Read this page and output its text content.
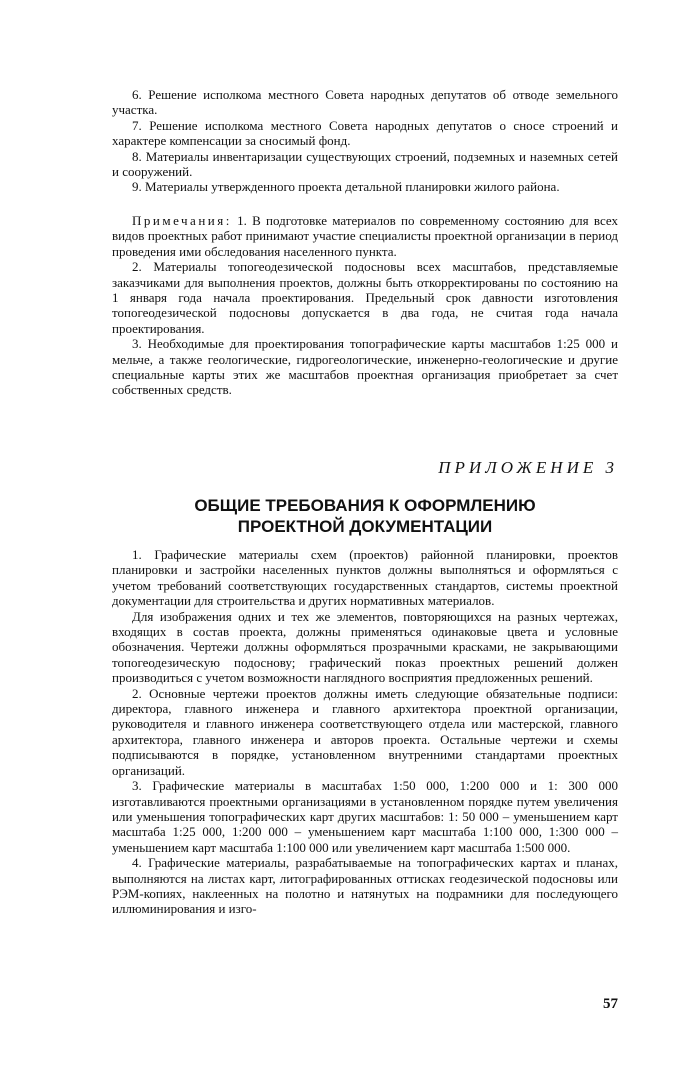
6. Решение исполкома местного Совета народных депутатов об отводе земельного участка.

7. Решение исполкома местного Совета народных депутатов о сносе строений и характере компенсации за сносимый фонд.

8. Материалы инвентаризации существующих строений, подземных и наземных сетей и сооружений.

9. Материалы утвержденного проекта детальной планировки жилого района.

Примечания: 1. В подготовке материалов по современному состоянию для всех видов проектных работ принимают участие специалисты проектной организации в период проведения ими обследования населенного пункта.

2. Материалы топогеодезической подосновы всех масштабов, представляемые заказчиками для выполнения проектов, должны быть откорректированы по состоянию на 1 января года начала проектирования. Предельный срок давности изготовления топогеодезической подосновы допускается в два года, не считая года начала проектирования.

3. Необходимые для проектирования топографические карты масштабов 1:25 000 и мельче, а также геологические, гидрогеологические, инженерно-геологические и другие специальные карты этих же масштабов проектная организация приобретает за счет собственных средств.

ПРИЛОЖЕНИЕ 3
ОБЩИЕ ТРЕБОВАНИЯ К ОФОРМЛЕНИЮ
ПРОЕКТНОЙ ДОКУМЕНТАЦИИ

1. Графические материалы схем (проектов) районной планировки, проектов планировки и застройки населенных пунктов должны выполняться и оформляться с учетом требований соответствующих государственных стандартов, системы проектной документации для строительства и других нормативных материалов.

Для изображения одних и тех же элементов, повторяющихся на разных чертежах, входящих в состав проекта, должны применяться одинаковые цвета и условные обозначения. Чертежи должны оформляться прозрачными красками, не закрывающими топогеодезическую подоснову; графический показ проектных решений должен производиться с учетом возможности наглядного восприятия предложенных решений.

2. Основные чертежи проектов должны иметь следующие обязательные подписи: директора, главного инженера и главного архитектора проектной организации, руководителя и главного инженера соответствующего отдела или мастерской, главного архитектора, главного инженера и авторов проекта. Остальные чертежи и схемы подписываются в порядке, установленном внутренними стандартами проектных организаций.

3. Графические материалы в масштабах 1:50 000, 1:200 000 и 1: 300 000 изготавливаются проектными организациями в установленном порядке путем увеличения или уменьшения топографических карт других масштабов: 1: 50 000 – уменьшением карт масштаба 1:25 000, 1:200 000 – уменьшением карт масштаба 1:100 000, 1:300 000 – уменьшением карт масштаба 1:100 000 или увеличением карт масштаба 1:500 000.

4. Графические материалы, разрабатываемые на топографических картах и планах, выполняются на листах карт, литографированных оттисках геодезической подосновы или РЭМ-копиях, наклеенных на полотно и натянутых на подрамники для последующего иллюминирования и изго-

57
